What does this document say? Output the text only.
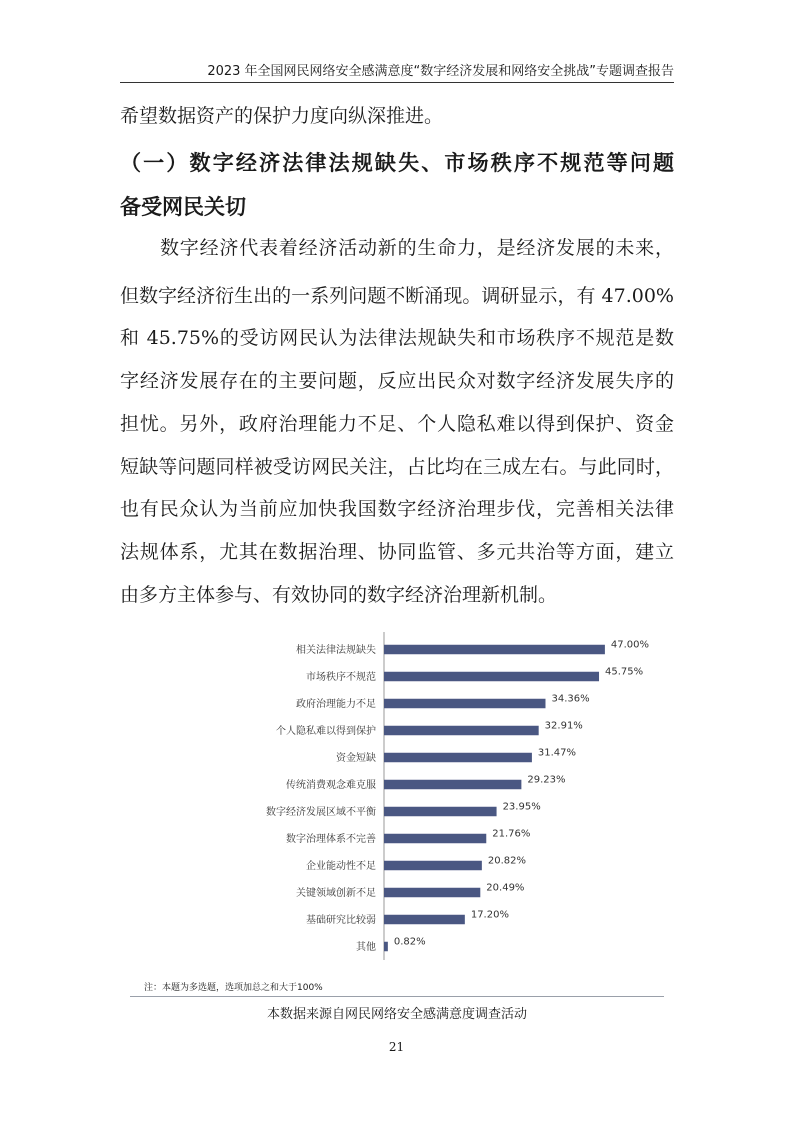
2023 年全国网民网络安全感满意度“数字经济发展和网络安全挑战”专题调查报告
希望数据资产的保护力度向纵深推进。
（一）数字经济法律法规缺失、市场秩序不规范等问题
备受网民关切
数字经济代表着经济活动新的生命力，是经济发展的未来，
但数字经济衍生出的一系列问题不断涌现。调研显示，有 47.00%
和 45.75%的受访网民认为法律法规缺失和市场秩序不规范是数
字经济发展存在的主要问题，反应出民众对数字经济发展失序的
担忧。另外，政府治理能力不足、个人隐私难以得到保护、资金
短缺等问题同样被受访网民关注，占比均在三成左右。与此同时，
也有民众认为当前应加快我国数字经济治理步伐，完善相关法律
法规体系，尤其在数据治理、协同监管、多元共治等方面，建立
由多方主体参与、有效协同的数字经济治理新机制。
相关法律法规缺失	47.00%
市场秩序不规范	45.75%
政府治理能力不足	34.36%
个人隐私难以得到保护	32.91%
资金短缺	31.47%
传统消费观念难克服	29.23%
数字经济发展区域不平衡	23.95%
数字治理体系不完善	21.76%
企业能动性不足	20.82%
关键领域创新不足	20.49%
基础研究比较弱	17.20%
其他 0.82%
注：本题为多选题，选项加总之和大于100%
本数据来源自网民网络安全感满意度调查活动
21
